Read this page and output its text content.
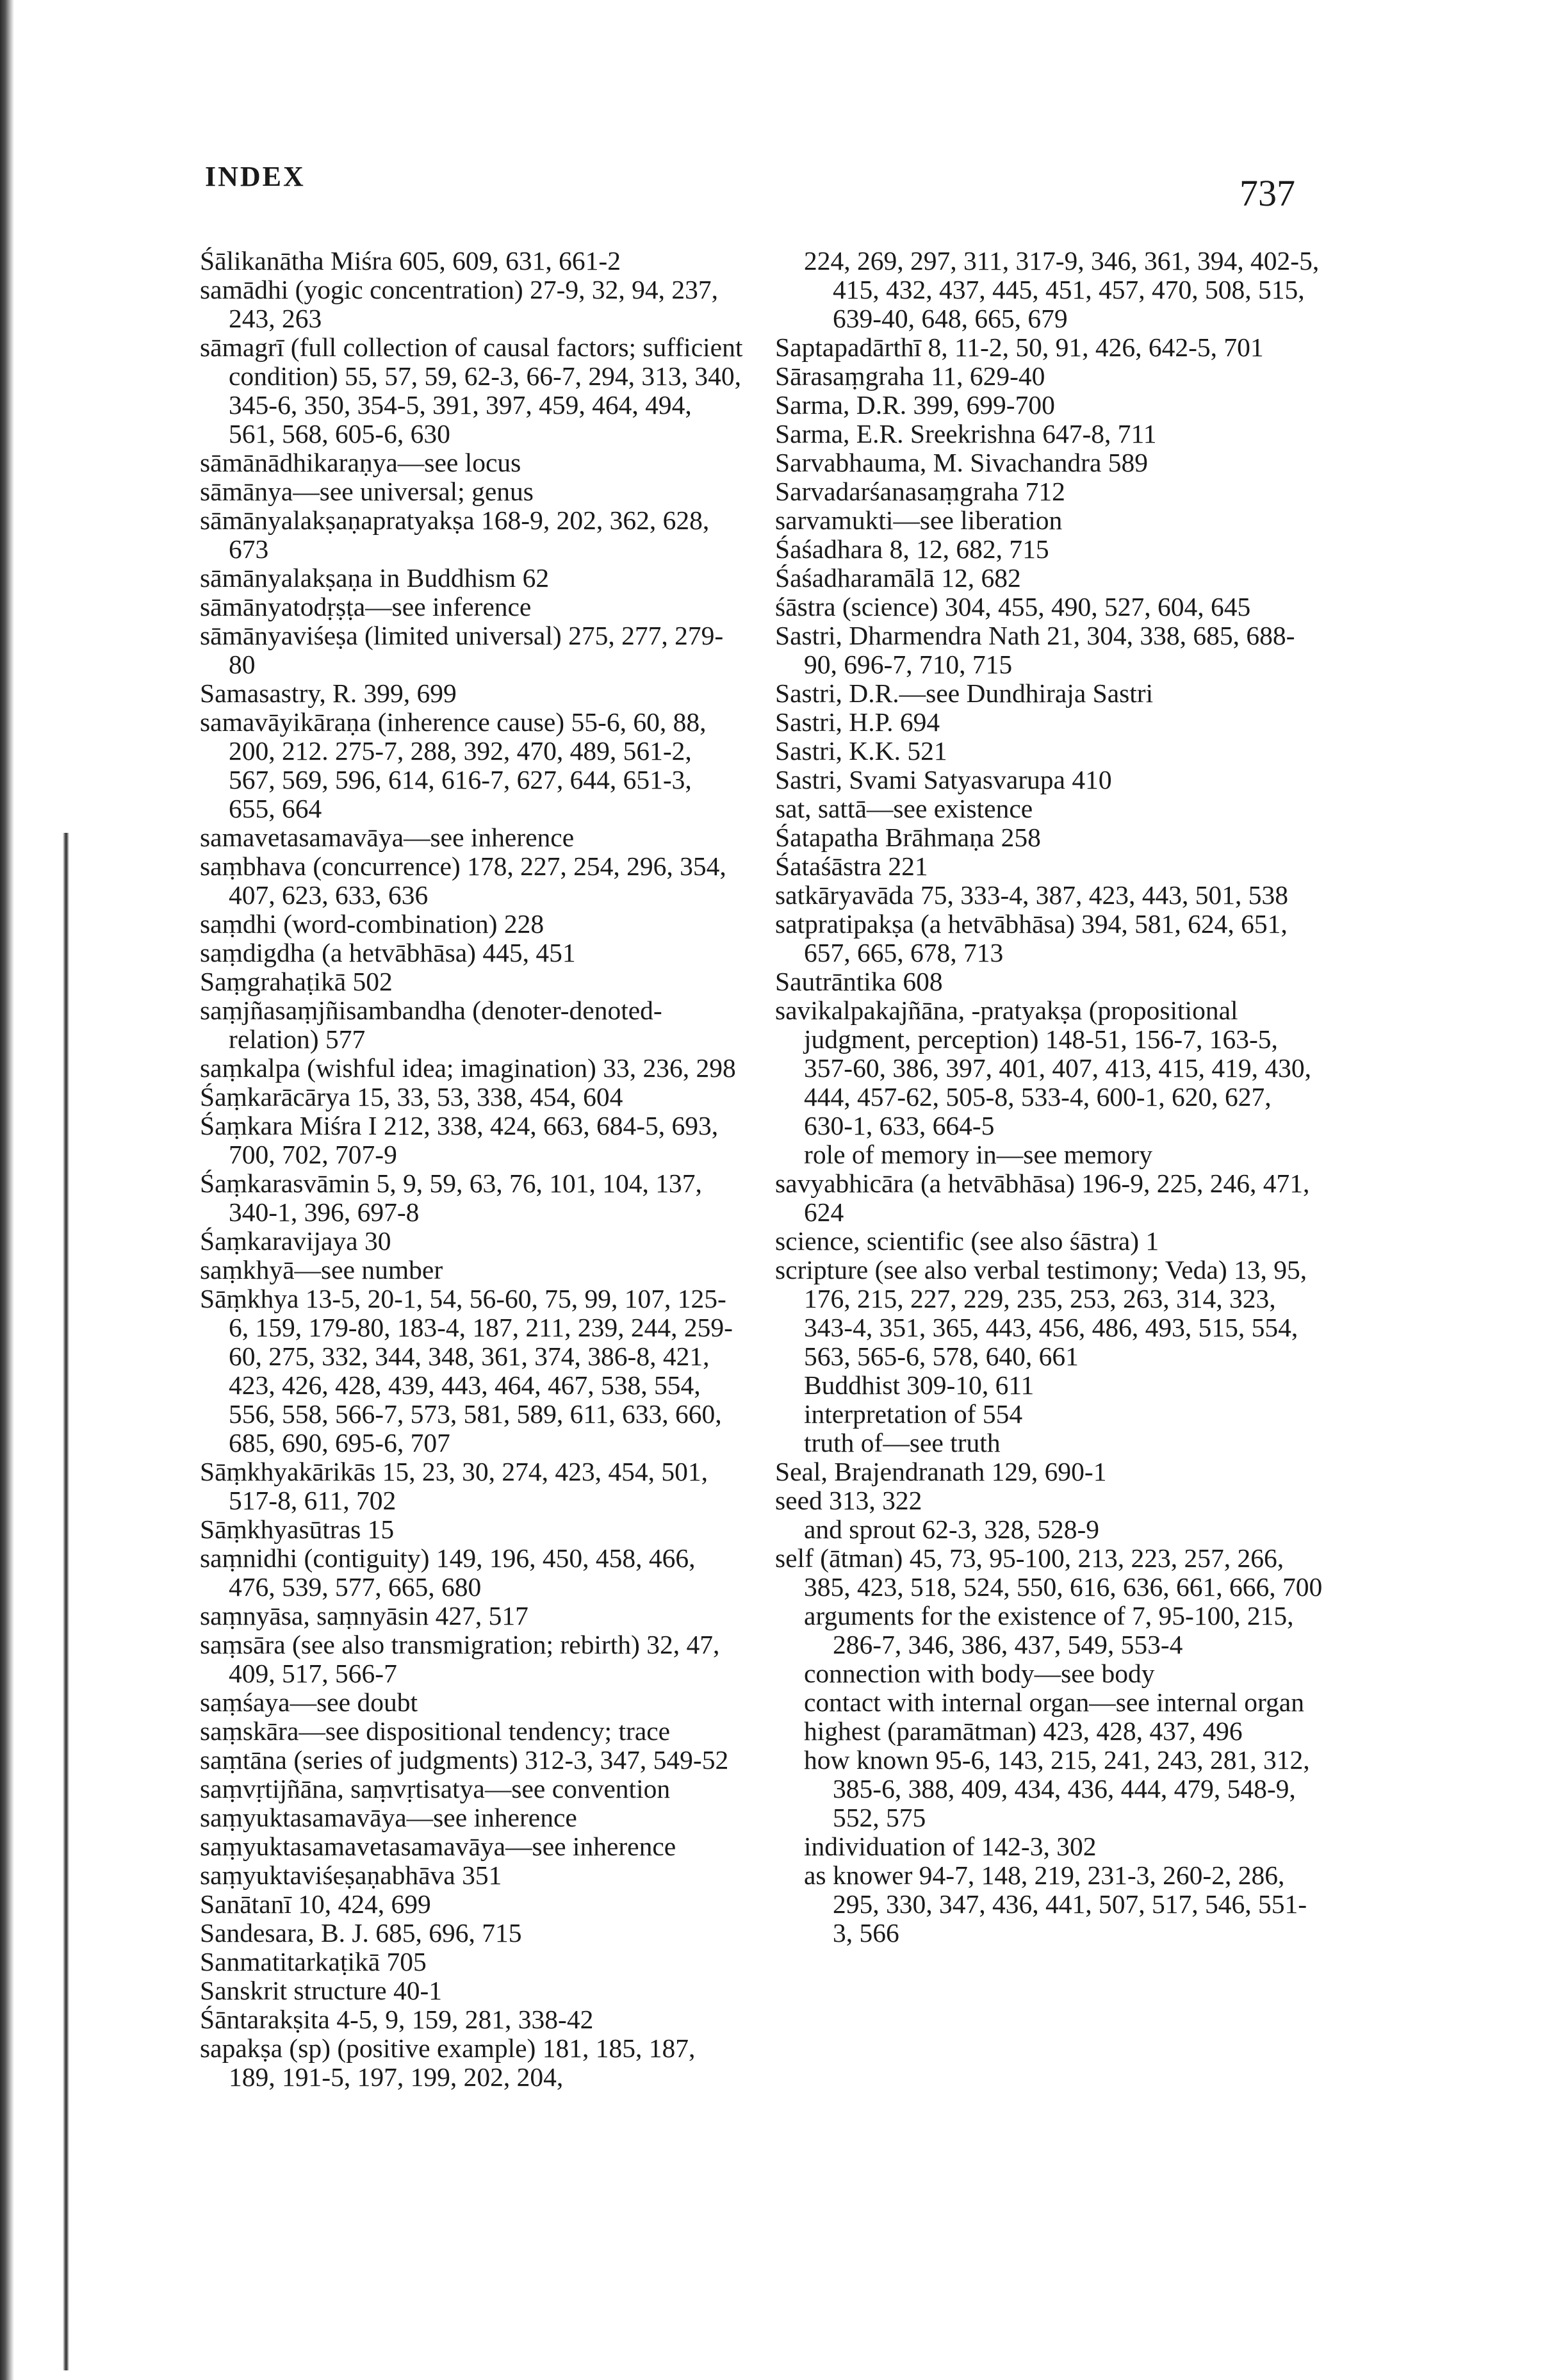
INDEX	737

Śālikanātha Miśra 605, 609, 631, 661-2

samādhi (yogic concentration) 27-9, 32, 94, 237, 243, 263

sāmagrī (full collection of causal factors; sufficient condition) 55, 57, 59, 62-3, 66-7, 294, 313, 340, 345-6, 350, 354-5, 391, 397, 459, 464, 494, 561, 568, 605-6, 630

sāmānādhikaraṇya—see locus

sāmānya—see universal; genus

sāmānyalakṣaṇapratyakṣa 168-9, 202, 362, 628, 673

sāmānyalakṣaṇa in Buddhism 62

sāmānyatodṛṣṭa—see inference

sāmānyaviśeṣa (limited universal) 275, 277, 279-80

Samasastry, R. 399, 699

samavāyikāraṇa (inherence cause) 55-6, 60, 88, 200, 212. 275-7, 288, 392, 470, 489, 561-2, 567, 569, 596, 614, 616-7, 627, 644, 651-3, 655, 664

samavetasamavāya—see inherence

saṃbhava (concurrence) 178, 227, 254, 296, 354, 407, 623, 633, 636

saṃdhi (word-combination) 228

saṃdigdha (a hetvābhāsa) 445, 451

Saṃgrahaṭikā 502

saṃjñasaṃjñisambandha (denoter-denoted-relation) 577

saṃkalpa (wishful idea; imagination) 33, 236, 298

Śaṃkarācārya 15, 33, 53, 338, 454, 604

Śaṃkara Miśra I 212, 338, 424, 663, 684-5, 693, 700, 702, 707-9

Śaṃkarasvāmin 5, 9, 59, 63, 76, 101, 104, 137, 340-1, 396, 697-8

Śaṃkaravijaya 30

saṃkhyā—see number

Sāṃkhya 13-5, 20-1, 54, 56-60, 75, 99, 107, 125-6, 159, 179-80, 183-4, 187, 211, 239, 244, 259-60, 275, 332, 344, 348, 361, 374, 386-8, 421, 423, 426, 428, 439, 443, 464, 467, 538, 554, 556, 558, 566-7, 573, 581, 589, 611, 633, 660, 685, 690, 695-6, 707

Sāṃkhyakārikās 15, 23, 30, 274, 423, 454, 501, 517-8, 611, 702

Sāṃkhyasūtras 15

saṃnidhi (contiguity) 149, 196, 450, 458, 466, 476, 539, 577, 665, 680

saṃnyāsa, saṃnyāsin 427, 517

saṃsāra (see also transmigration; rebirth) 32, 47, 409, 517, 566-7

saṃśaya—see doubt

saṃskāra—see dispositional tendency; trace

saṃtāna (series of judgments) 312-3, 347, 549-52

saṃvṛtijñāna, saṃvṛtisatya—see convention

saṃyuktasamavāya—see inherence

saṃyuktasamavetasamavāya—see inherence

saṃyuktaviśeṣaṇabhāva 351

Sanātanī 10, 424, 699

Sandesara, B. J. 685, 696, 715

Sanmatitarkaṭikā 705

Sanskrit structure 40-1

Śāntarakṣita 4-5, 9, 159, 281, 338-42

sapakṣa (sp) (positive example) 181, 185, 187, 189, 191-5, 197, 199, 202, 204,

224, 269, 297, 311, 317-9, 346, 361, 394, 402-5, 415, 432, 437, 445, 451, 457, 470, 508, 515, 639-40, 648, 665, 679

Saptapadārthī 8, 11-2, 50, 91, 426, 642-5, 701

Sārasaṃgraha 11, 629-40

Sarma, D.R. 399, 699-700

Sarma, E.R. Sreekrishna 647-8, 711

Sarvabhauma, M. Sivachandra 589

Sarvadarśanasaṃgraha 712

sarvamukti—see liberation

Śaśadhara 8, 12, 682, 715

Śaśadharamālā 12, 682

śāstra (science) 304, 455, 490, 527, 604, 645

Sastri, Dharmendra Nath 21, 304, 338, 685, 688-90, 696-7, 710, 715

Sastri, D.R.—see Dundhiraja Sastri

Sastri, H.P. 694

Sastri, K.K. 521

Sastri, Svami Satyasvarupa 410

sat, sattā—see existence

Śatapatha Brāhmaṇa 258

Śataśāstra 221

satkāryavāda 75, 333-4, 387, 423, 443, 501, 538

satpratipakṣa (a hetvābhāsa) 394, 581, 624, 651, 657, 665, 678, 713

Sautrāntika 608

savikalpakajñāna, -pratyakṣa (propositional judgment, perception) 148-51, 156-7, 163-5, 357-60, 386, 397, 401, 407, 413, 415, 419, 430, 444, 457-62, 505-8, 533-4, 600-1, 620, 627, 630-1, 633, 664-5

role of memory in—see memory

savyabhicāra (a hetvābhāsa) 196-9, 225, 246, 471, 624

science, scientific (see also śāstra) 1

scripture (see also verbal testimony; Veda) 13, 95, 176, 215, 227, 229, 235, 253, 263, 314, 323, 343-4, 351, 365, 443, 456, 486, 493, 515, 554, 563, 565-6, 578, 640, 661

Buddhist 309-10, 611

interpretation of 554

truth of—see truth

Seal, Brajendranath 129, 690-1

seed 313, 322

and sprout 62-3, 328, 528-9

self (ātman) 45, 73, 95-100, 213, 223, 257, 266, 385, 423, 518, 524, 550, 616, 636, 661, 666, 700

arguments for the existence of 7, 95-100, 215, 286-7, 346, 386, 437, 549, 553-4

connection with body—see body

contact with internal organ—see internal organ

highest (paramātman) 423, 428, 437, 496

how known 95-6, 143, 215, 241, 243, 281, 312, 385-6, 388, 409, 434, 436, 444, 479, 548-9, 552, 575

individuation of 142-3, 302

as knower 94-7, 148, 219, 231-3, 260-2, 286, 295, 330, 347, 436, 441, 507, 517, 546, 551-3, 566
